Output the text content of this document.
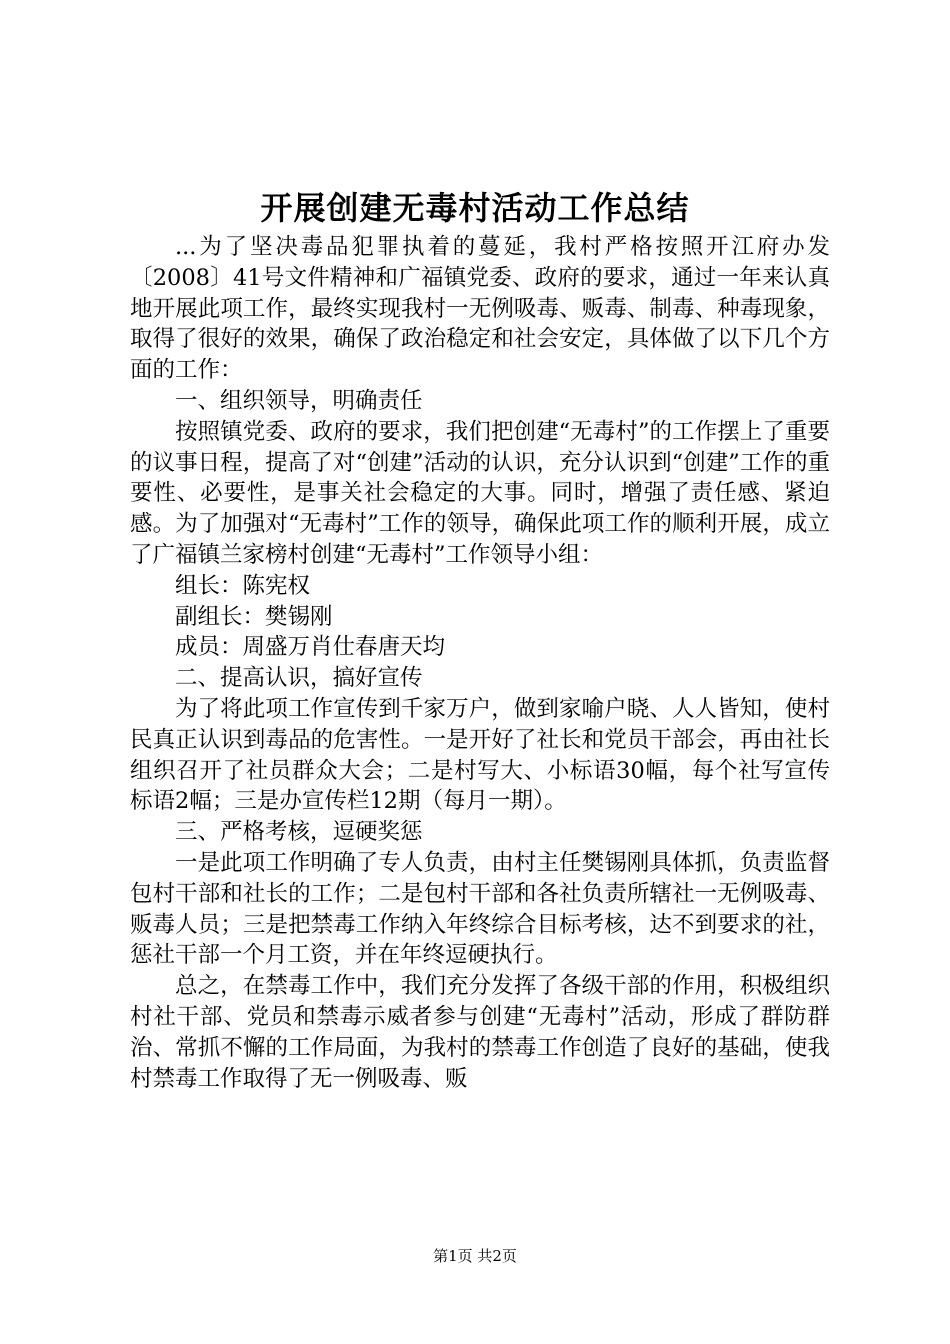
开展创建无毒村活动工作总结

...为了坚决毒品犯罪执着的蔓延，我村严格按照开江府办发〔2008〕41号文件精神和广福镇党委、政府的要求，通过一年来认真地开展此项工作，最终实现我村一无例吸毒、贩毒、制毒、种毒现象，取得了很好的效果，确保了政治稳定和社会安定，具体做了以下几个方面的工作：

一、组织领导，明确责任

按照镇党委、政府的要求，我们把创建“无毒村”的工作摆上了重要的议事日程，提高了对“创建”活动的认识，充分认识到“创建”工作的重要性、必要性，是事关社会稳定的大事。同时，增强了责任感、紧迫感。为了加强对“无毒村”工作的领导，确保此项工作的顺利开展，成立了广福镇兰家榜村创建“无毒村”工作领导小组：

组长：陈宪权

副组长：樊锡刚

成员：周盛万肖仕春唐天均

二、提高认识，搞好宣传

为了将此项工作宣传到千家万户，做到家喻户晓、人人皆知，使村民真正认识到毒品的危害性。一是开好了社长和党员干部会，再由社长组织召开了社员群众大会；二是村写大、小标语30幅，每个社写宣传标语2幅；三是办宣传栏12期（每月一期）。

三、严格考核，逗硬奖惩

一是此项工作明确了专人负责，由村主任樊锡刚具体抓，负责监督包村干部和社长的工作；二是包村干部和各社负责所辖社一无例吸毒、贩毒人员；三是把禁毒工作纳入年终综合目标考核，达不到要求的社，惩社干部一个月工资，并在年终逗硬执行。

总之，在禁毒工作中，我们充分发挥了各级干部的作用，积极组织村社干部、党员和禁毒示威者参与创建“无毒村”活动，形成了群防群治、常抓不懈的工作局面，为我村的禁毒工作创造了良好的基础，使我村禁毒工作取得了无一例吸毒、贩

第1页 共2页
